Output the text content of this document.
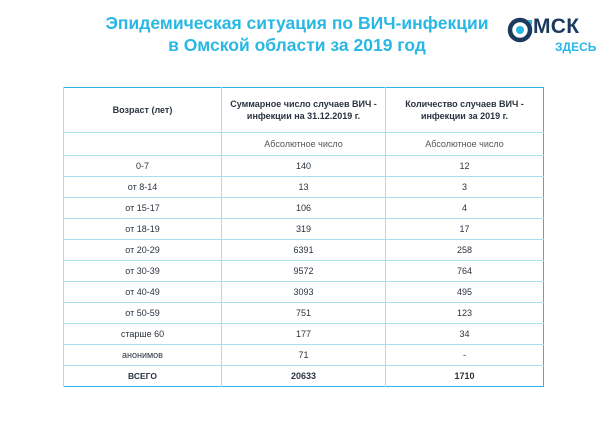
Эпидемическая ситуация по ВИЧ-инфекции
в Омской области за 2019 год
МСК
ЗДЕСЬ
Возраст (лет)	Суммарное число случаев ВИЧ - инфекции на 31.12.2019 г.	Количество случаев ВИЧ - инфекции за 2019 г.
	Абсолютное число	Абсолютное число
0-7	140	12
от 8-14	13	3
от 15-17	106	4
от 18-19	319	17
от 20-29	6391	258
от 30-39	9572	764
от 40-49	3093	495
от 50-59	751	123
старше 60	177	34
анонимов	71	-
ВСЕГО	20633	1710
